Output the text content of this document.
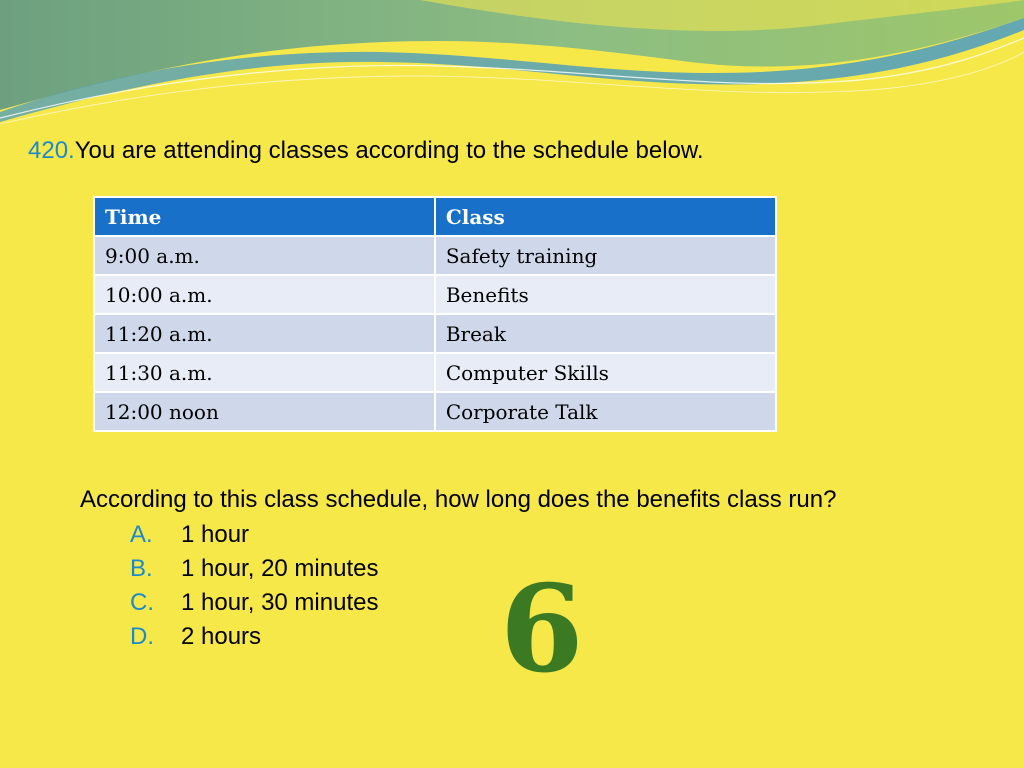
420.You are attending classes according to the schedule below.
Time	Class
9:00 a.m.	Safety training
10:00 a.m.	Benefits
11:20 a.m.	Break
11:30 a.m.	Computer Skills
12:00 noon	Corporate Talk
According to this class schedule, how long does the benefits class run?
A. 1 hour
B. 1 hour, 20 minutes
C. 1 hour, 30 minutes
D. 2 hours	6
